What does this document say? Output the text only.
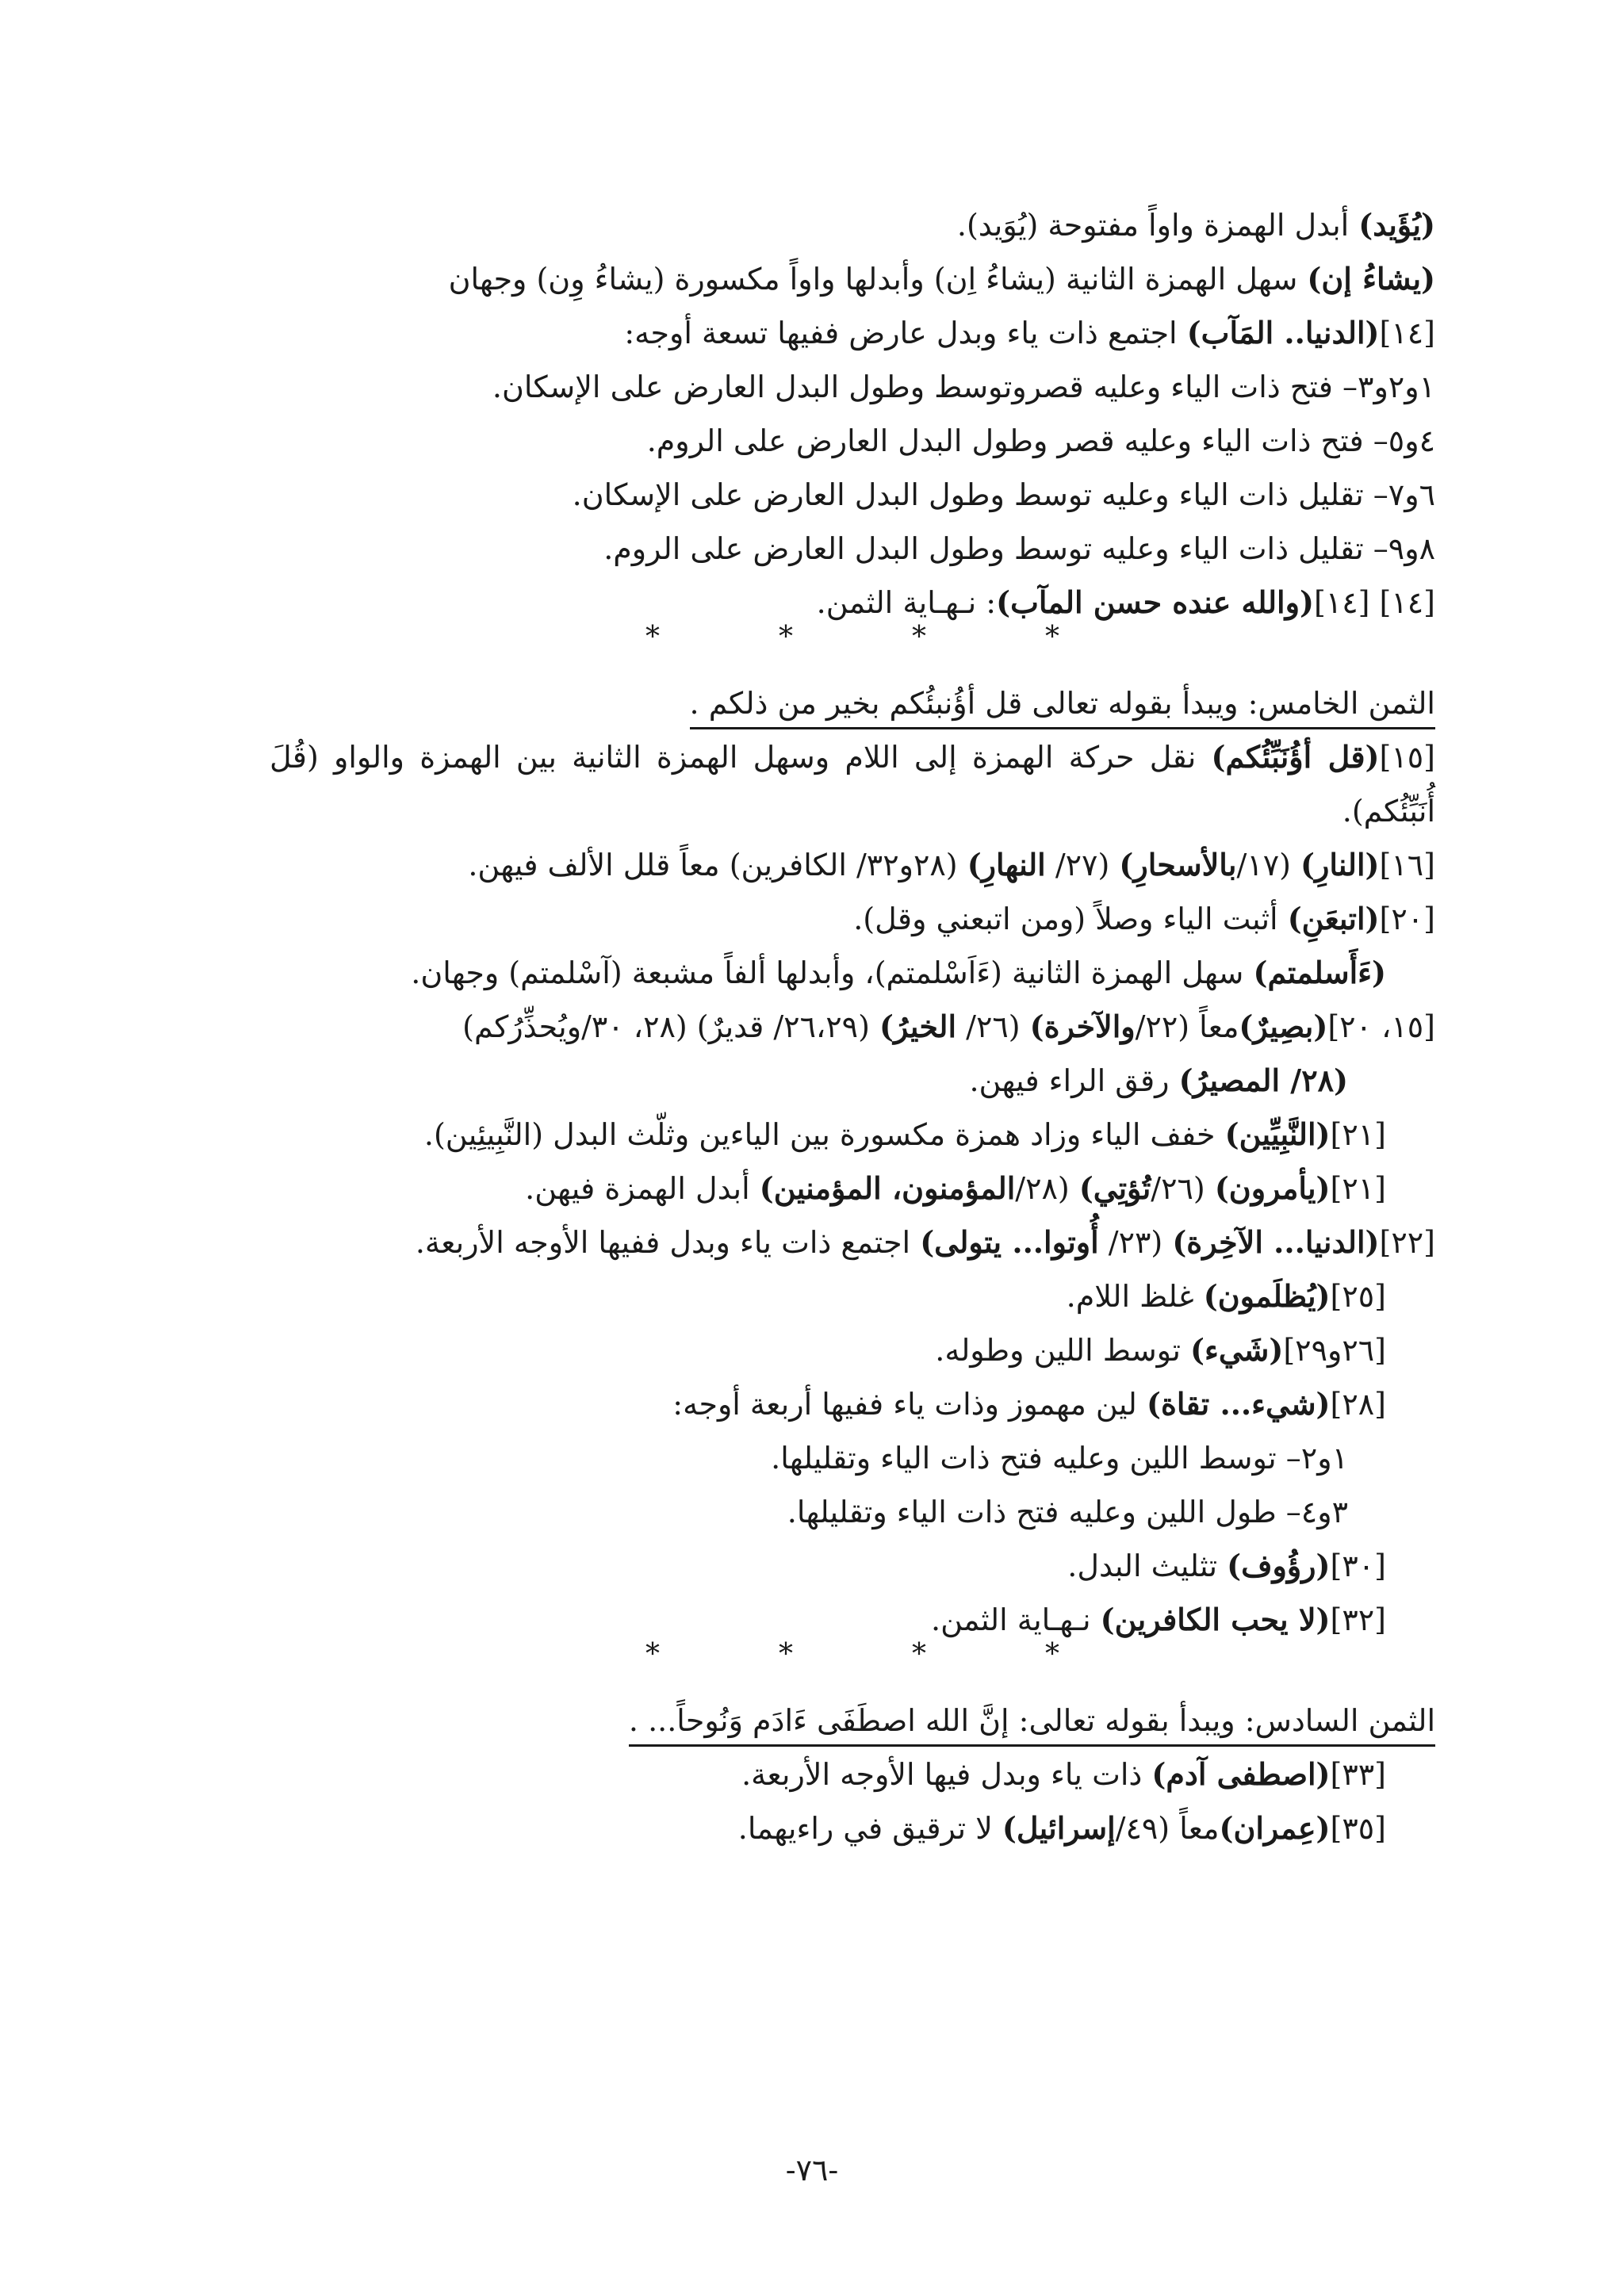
(يُؤَيد) أبدل الهمزة واواً مفتوحة (يُوَيد).
(يشاءُ إن) سهل الهمزة الثانية (يشاءُ اِن) وأبدلها واواً مكسورة (يشاءُ وِن) وجهان
[١٤](الدنيا.. المَآب) اجتمع ذات ياء وبدل عارض ففيها تسعة أوجه:
١و٢و٣– فتح ذات الياء وعليه قصروتوسط وطول البدل العارض على الإسكان.
٤و٥– فتح ذات الياء وعليه قصر وطول البدل العارض على الروم.
٦و٧– تقليل ذات الياء وعليه توسط وطول البدل العارض على الإسكان.
٨و٩– تقليل ذات الياء وعليه توسط وطول البدل العارض على الروم.
[١٤] [١٤](والله عنده حسن المآب): نـهـاية الثمن.
*
*
*
*
الثمن الخامس: ويبدأ بقوله تعالى قل أؤُنبئُكم بخير من ذلكم .
[١٥](قل أؤُنَبِّئُكم) نقل حركة الهمزة إلى اللام وسهل الهمزة الثانية بين الهمزة والواو (قُلَ أُنَبِّئُكم).
[١٦](النارِ) (١٧/بالأسحارِ) (٢٧/ النهارِ) (٢٨و٣٢/ الكافرين) معاً قلل الألف فيهن.
[٢٠](اتبعَنِ) أثبت الياء وصلاً (ومن اتبعني وقل).
(ءَأَسلمتم) سهل الهمزة الثانية (ءَاَسْلمتم)، وأبدلها ألفاً مشبعة (آسْلمتم) وجهان.
[١٥، ٢٠](بصِيرٌ)معاً (٢٢/والآخرة) (٢٦/ الخيرُ) (٢٦،٢٩/ قديرٌ) (٢٨، ٣٠/ويُحذِّرُكم)
(٢٨/ المصيرُ) رقق الراء فيهن.
[٢١](النَّبِيِّين) خفف الياء وزاد همزة مكسورة بين الياءين وثلّث البدل (النَّبِيئِين).
[٢١](يأمرون) (٢٦/تُؤتِي) (٢٨/المؤمنون، المؤمنين) أبدل الهمزة فيهن.
[٢٢](الدنيا... الآخِرة) (٢٣/ أُوتوا... يتولى) اجتمع ذات ياء وبدل ففيها الأوجه الأربعة.
[٢٥](يُظلَمون) غلظ اللام.
[٢٦و٢٩](شَيء) توسط اللين وطوله.
[٢٨](شيء... تقاة) لين مهموز وذات ياء ففيها أربعة أوجه:
١و٢– توسط اللين وعليه فتح ذات الياء وتقليلها.
٣و٤– طول اللين وعليه فتح ذات الياء وتقليلها.
[٣٠](رؤُوف) تثليث البدل.
[٣٢](لا يحب الكافرين) نـهـاية الثمن.
*
*
*
*
الثمن السادس: ويبدأ بقوله تعالى: إنَّ الله اصطَفَى ءَادَم وَنُوحاً... .
[٣٣](اصطفى آدم) ذات ياء وبدل فيها الأوجه الأربعة.
[٣٥](عِمران)معاً (٤٩/إسرائيل) لا ترقيق في راءيهما.
-٧٦-
